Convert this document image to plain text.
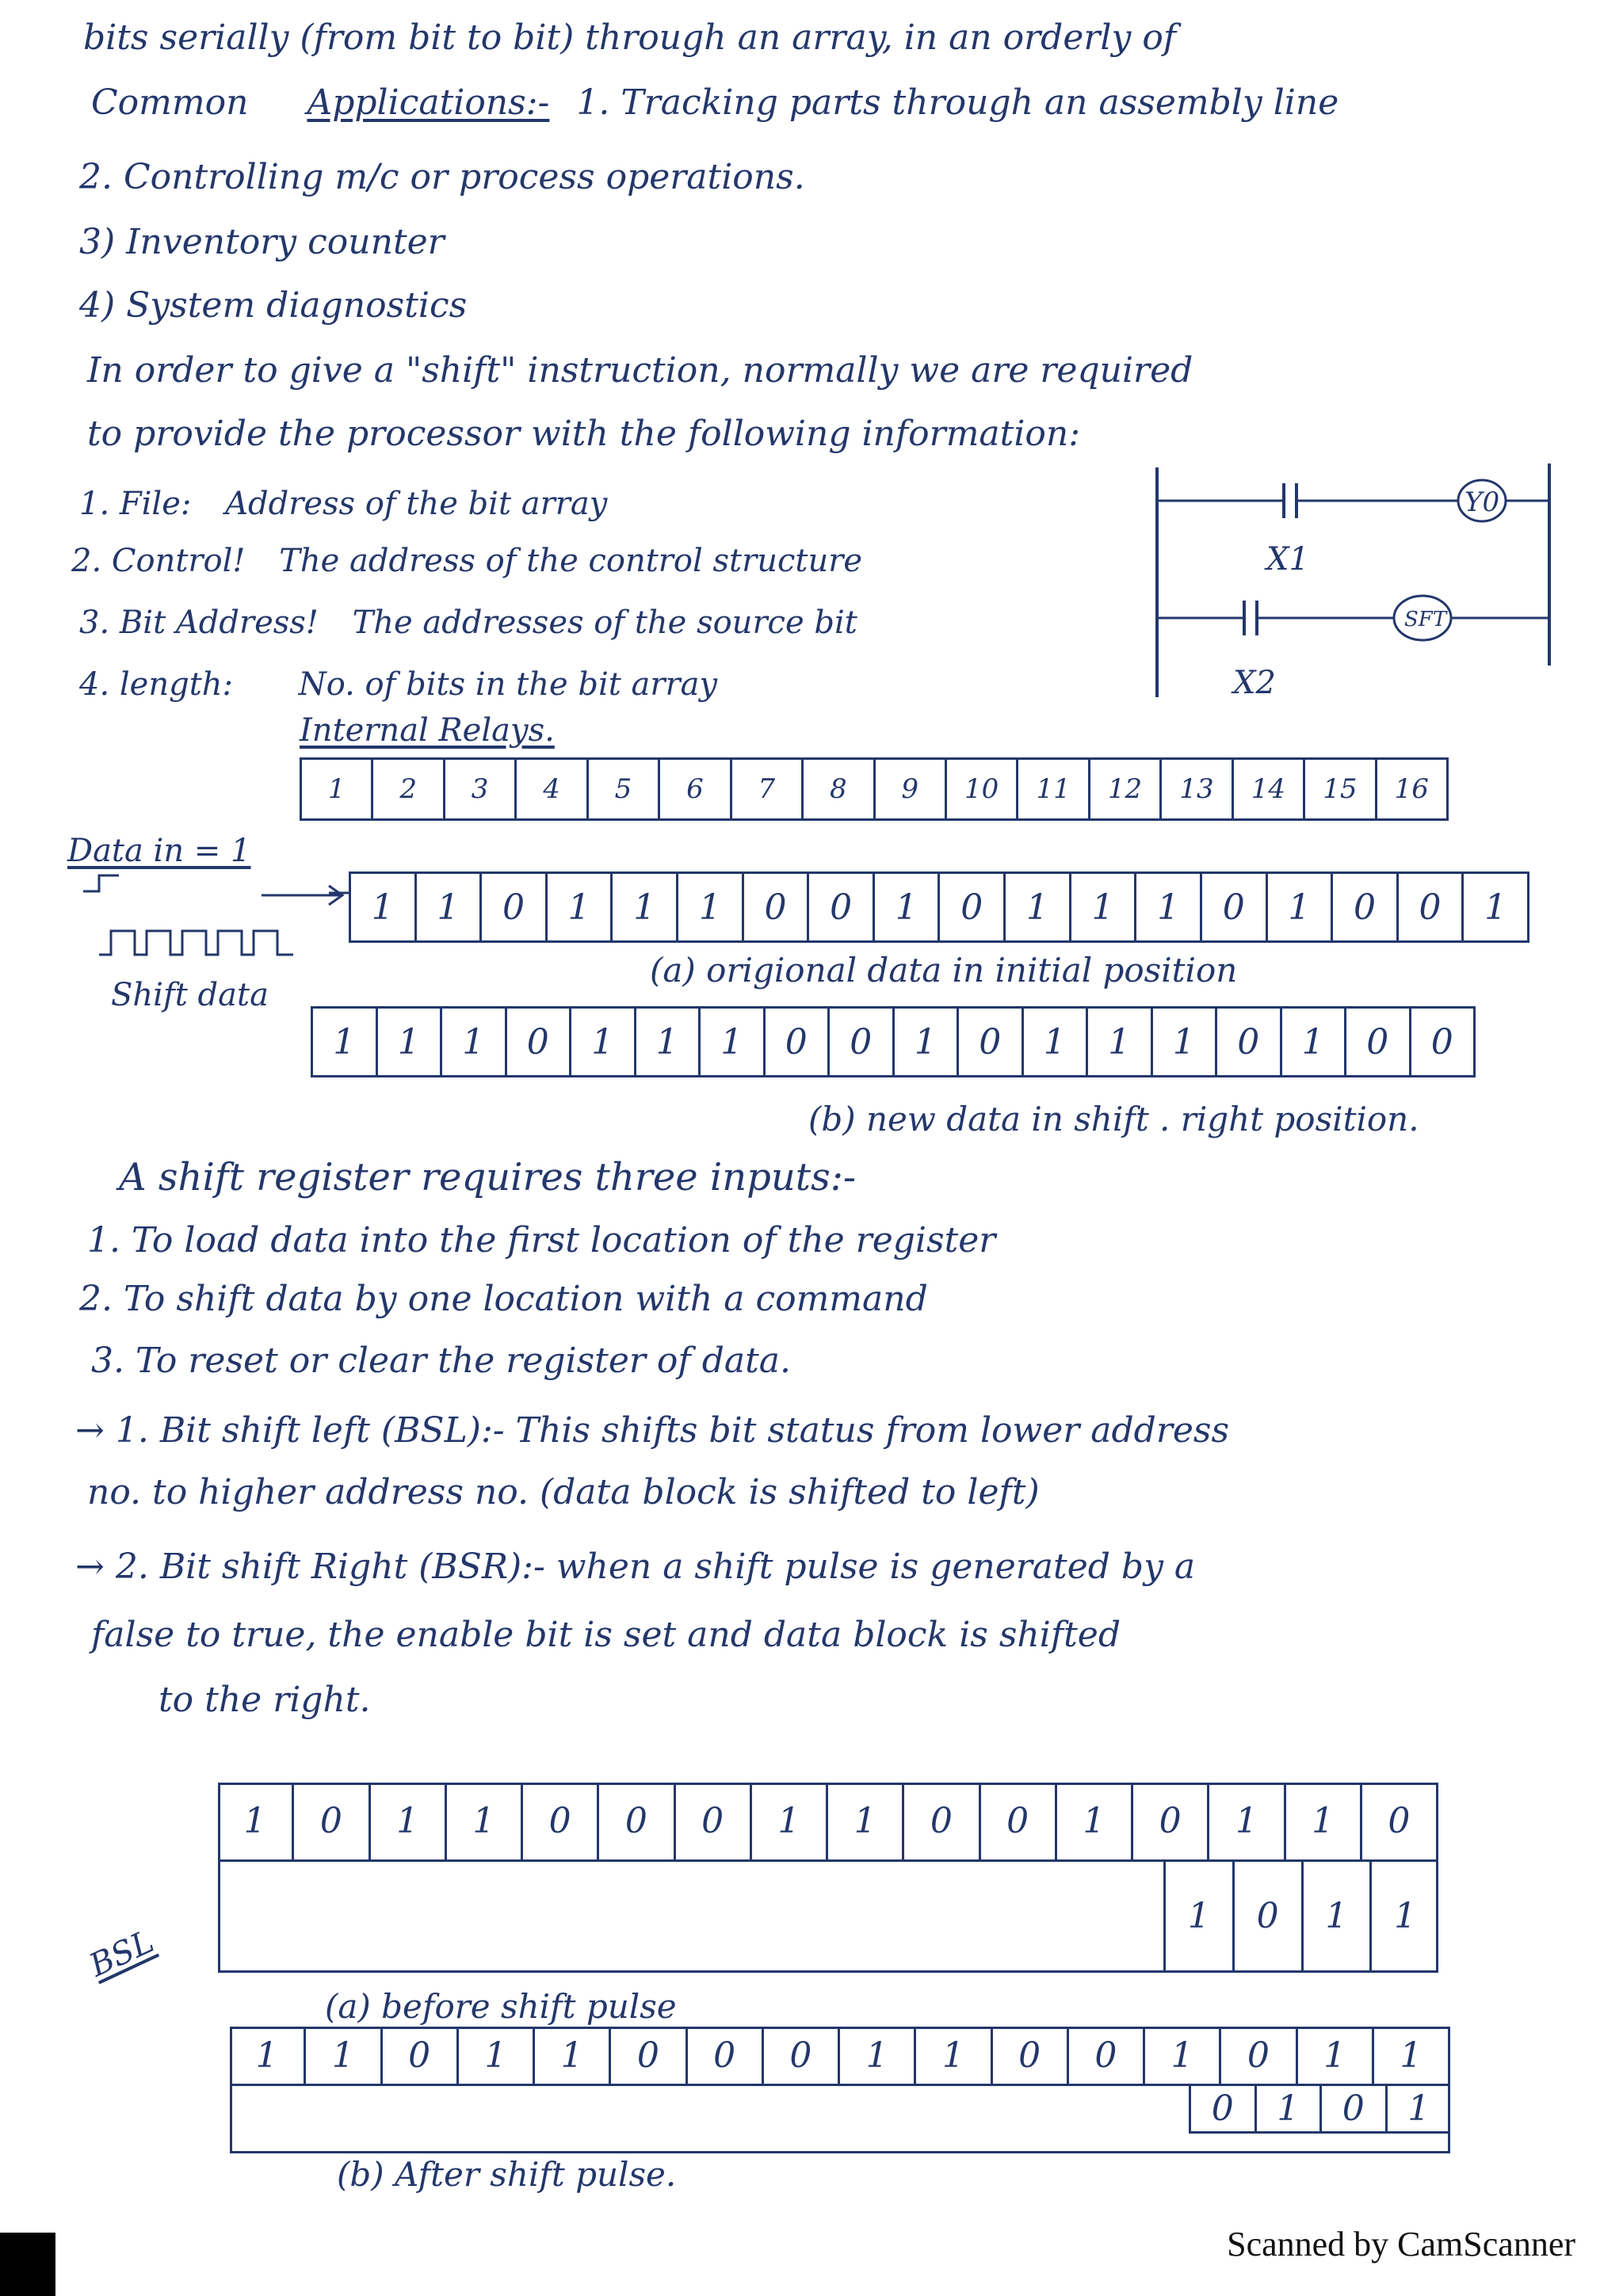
bits serially (from bit to bit) through an array, in an orderly of
Common Applications:- 1. Tracking parts through an assembly line
2. Controlling m/c or process operations.
3) Inventory counter
4) System diagnostics
In order to give a "shift" instruction, normally we are required
to provide the processor with the following information:
1. File: Address of the bit array
2. Control! The address of the control structure
3. Bit Address! The addresses of the source bit
4. length: No. of bits in the bit array
Y0
X1
SFT
X2
Internal Relays.
1	2	3	4	5	6	7	8	9	10	11	12	13	14	15	16
Data in = 1
Shift data
1	1	0	1	1	1	0	0	1	0	1	1	1	0	1	0	0	1
(a) origional data in initial position
1	1	1	0	1	1	1	0	0	1	0	1	1	1	0	1	0	0
(b) new data in shift . right position.
A shift register requires three inputs:-
1. To load data into the first location of the register
2. To shift data by one location with a command
3. To reset or clear the register of data.
→ 1. Bit shift left (BSL):- This shifts bit status from lower address
no. to higher address no. (data block is shifted to left)
→ 2. Bit shift Right (BSR):- when a shift pulse is generated by a
false to true, the enable bit is set and data block is shifted
to the right.
BSL
1	0	1	1	0	0	0	1	1	0	0	1	0	1	1	0
1	0	1	1
(a) before shift pulse
1	1	0	1	1	0	0	0	1	1	0	0	1	0	1	1
0	1	0	1
(b) After shift pulse.
Scanned by CamScanner
